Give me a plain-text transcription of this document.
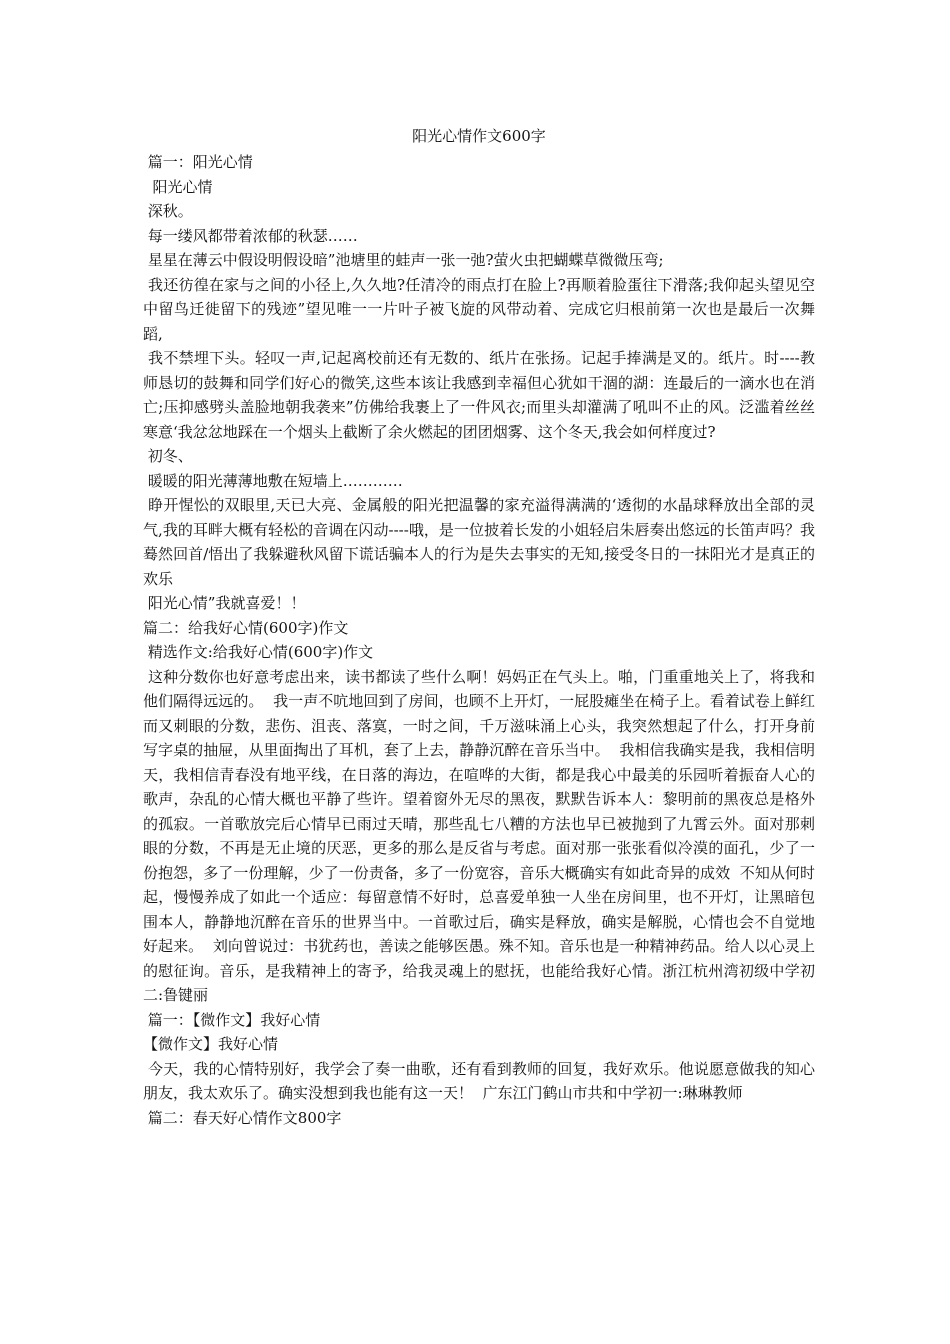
阳光心情作文600字

篇一：阳光心情

阳光心情

深秋。

每一缕风都带着浓郁的秋瑟……

星星在薄云中假设明假设暗”池塘里的蛙声一张一弛?萤火虫把蝴蝶草微微压弯;

我还彷徨在家与之间的小径上,久久地?任清冷的雨点打在脸上?再顺着脸蛋往下滑落;我仰起头望见空中留鸟迁徙留下的残迹”望见唯一一片叶子被飞旋的风带动着、完成它归根前第一次也是最后一次舞蹈,

我不禁埋下头。轻叹一声,记起离校前还有无数的、纸片在张扬。记起手捧满是叉的。纸片。时----教师恳切的鼓舞和同学们好心的微笑,这些本该让我感到幸福但心犹如干涸的湖：连最后的一滴水也在消亡;压抑感劈头盖脸地朝我袭来”仿佛给我裹上了一件风衣;而里头却灌满了吼叫不止的风。泛滥着丝丝寒意‘我忿忿地踩在一个烟头上截断了余火燃起的团团烟雾、这个冬天,我会如何样度过?

初冬、

暖暖的阳光薄薄地敷在短墙上…………

睁开惺忪的双眼里,天已大亮、金属般的阳光把温馨的家充溢得满满的‘透彻的水晶球释放出全部的灵气,我的耳畔大概有轻松的音调在闪动----哦，是一位披着长发的小姐轻启朱唇奏出悠远的长笛声吗？我蓦然回首/悟出了我躲避秋风留下谎话骗本人的行为是失去事实的无知,接受冬日的一抹阳光才是真正的欢乐

阳光心情”我就喜爱！！

篇二：给我好心情(600字)作文

精选作文:给我好心情(600字)作文

这种分数你也好意考虑出来，读书都读了些什么啊！妈妈正在气头上。啪，门重重地关上了，将我和他们隔得远远的。  我一声不吭地回到了房间，也顾不上开灯，一屁股瘫坐在椅子上。看着试卷上鲜红而又刺眼的分数，悲伤、沮丧、落寞，一时之间，千万滋味涌上心头，我突然想起了什么，打开身前写字桌的抽屉，从里面掏出了耳机，套了上去，静静沉醉在音乐当中。  我相信我确实是我，我相信明天，我相信青春没有地平线，在日落的海边，在喧哗的大街，都是我心中最美的乐园听着振奋人心的歌声，杂乱的心情大概也平静了些许。望着窗外无尽的黑夜，默默告诉本人：黎明前的黑夜总是格外的孤寂。一首歌放完后心情早已雨过天晴，那些乱七八糟的方法也早已被抛到了九霄云外。面对那刺眼的分数，不再是无止境的厌恶，更多的那么是反省与考虑。面对那一张张看似冷漠的面孔，少了一份抱怨，多了一份理解，少了一份责备，多了一份宽容，音乐大概确实有如此奇异的成效  不知从何时起，慢慢养成了如此一个适应：每留意情不好时，总喜爱单独一人坐在房间里，也不开灯，让黑暗包围本人，静静地沉醉在音乐的世界当中。一首歌过后，确实是释放，确实是解脱，心情也会不自觉地好起来。  刘向曾说过：书犹药也，善读之能够医愚。殊不知。音乐也是一种精神药品。给人以心灵上的慰征询。音乐，是我精神上的寄予，给我灵魂上的慰抚，也能给我好心情。浙江杭州湾初级中学初二:鲁键丽

篇一：【微作文】我好心情

【微作文】我好心情

今天，我的心情特别好，我学会了奏一曲歌，还有看到教师的回复，我好欢乐。他说愿意做我的知心朋友，我太欢乐了。确实没想到我也能有这一天！  广东江门鹤山市共和中学初一:琳琳教师

篇二：春天好心情作文800字
